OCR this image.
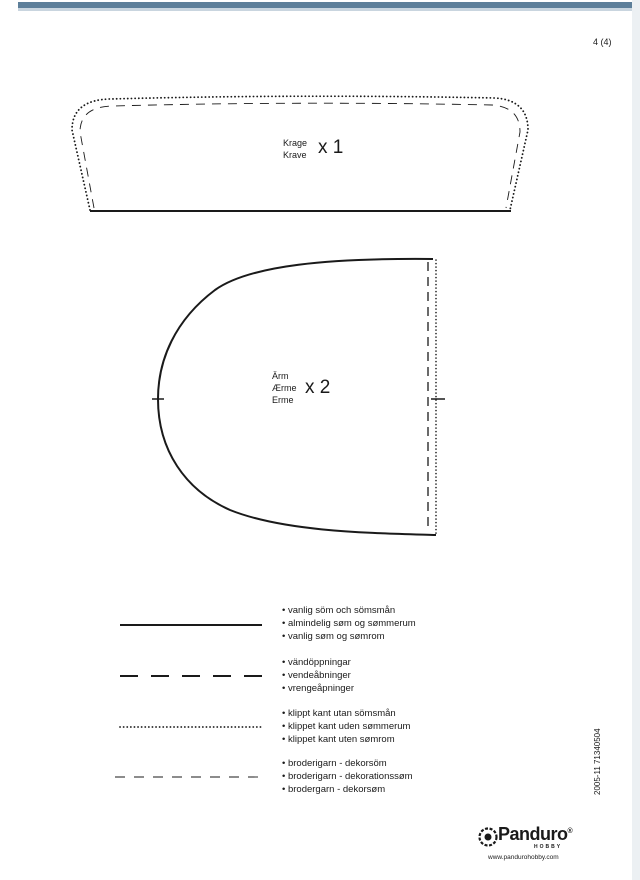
4 (4)
Krage
Krave x 1
Ärm
Ærme
Erme
x 2
• vanlig söm och sömsmån
• almindelig søm og sømmerum
• vanlig søm og sømrom
• vändöppningar
• vendeåbninger
• vrengeåpninger
• klippt kant utan sömsmån
• klippet kant uden sømmerum
• klippet kant uten sømrom
• broderigarn - dekorsöm
• broderigarn - dekorationssøm
• brodergarn - dekorsøm	2005-11 71340504
Panduro®
HOBBY
www.pandurohobby.com
